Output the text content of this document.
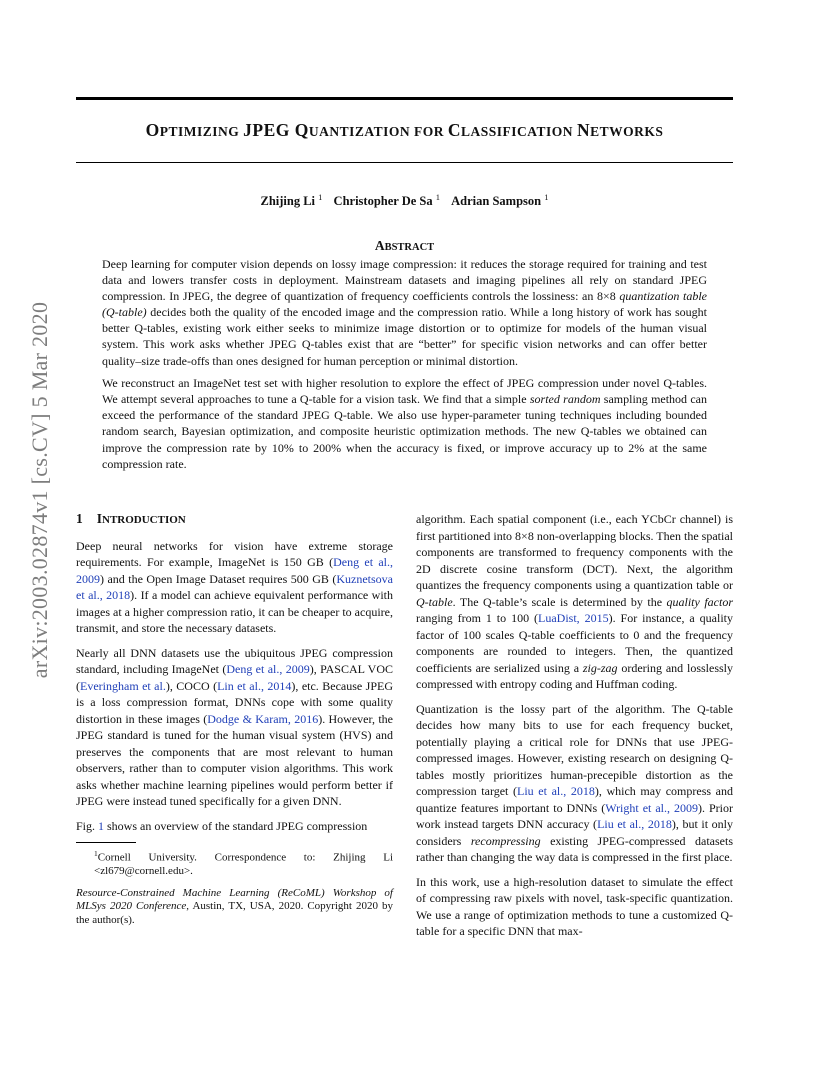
OPTIMIZING JPEG QUANTIZATION FOR CLASSIFICATION NETWORKS
Zhijing Li $^1$ Christopher De Sa $^1$ Adrian Sampson $^1$
ABSTRACT

Deep learning for computer vision depends on lossy image compression: it reduces the storage required for training and test data and lowers transfer costs in deployment. Mainstream datasets and imaging pipelines all rely on standard JPEG compression. In JPEG, the degree of quantization of frequency coefficients controls the lossiness: an 8×8 quantization table (Q-table) decides both the quality of the encoded image and the compression ratio. While a long history of work has sought better Q-tables, existing work either seeks to minimize image distortion or to optimize for models of the human visual system. This work asks whether JPEG Q-tables exist that are “better” for specific vision networks and can offer better quality–size trade-offs than ones designed for human perception or minimal distortion.

We reconstruct an ImageNet test set with higher resolution to explore the effect of JPEG compression under novel Q-tables. We attempt several approaches to tune a Q-table for a vision task. We find that a simple sorted random sampling method can exceed the performance of the standard JPEG Q-table. We also use hyper-parameter tuning techniques including bounded random search, Bayesian optimization, and composite heuristic optimization methods. The new Q-tables we obtained can improve the compression rate by 10% to 200% when the accuracy is fixed, or improve accuracy up to 2% at the same compression rate.

arXiv:2003.02874v1 [cs.CV] 5 Mar 2020 1 INTRODUCTION

Deep neural networks for vision have extreme storage requirements. For example, ImageNet is 150 GB (Deng et al., 2009) and the Open Image Dataset requires 500 GB (Kuznetsova et al., 2018). If a model can achieve equivalent performance with images at a higher compression ratio, it can be cheaper to acquire, transmit, and store the necessary datasets.

Nearly all DNN datasets use the ubiquitous JPEG compression standard, including ImageNet (Deng et al., 2009), PASCAL VOC (Everingham et al.), COCO (Lin et al., 2014), etc. Because JPEG is a loss compression format, DNNs cope with some quality distortion in these images (Dodge & Karam, 2016). However, the JPEG standard is tuned for the human visual system (HVS) and preserves the components that are most relevant to human observers, rather than to computer vision algorithms. This work asks whether machine learning pipelines would perform better if JPEG were instead tuned specifically for a given DNN.

Fig. 1 shows an overview of the standard JPEG compression

$^1$Cornell University. Correspondence to: Zhijing Li <zl679@cornell.edu>.

Resource-Constrained Machine Learning (ReCoML) Workshop of MLSys 2020 Conference, Austin, TX, USA, 2020. Copyright 2020 by the author(s).

algorithm. Each spatial component (i.e., each YCbCr channel) is first partitioned into 8×8 non-overlapping blocks. Then the spatial components are transformed to frequency components with the 2D discrete cosine transform (DCT). Next, the algorithm quantizes the frequency components using a quantization table or Q-table. The Q-table’s scale is determined by the quality factor ranging from 1 to 100 (LuaDist, 2015). For instance, a quality factor of 100 scales Q-table coefficients to 0 and the frequency components are rounded to integers. Then, the quantized coefficients are serialized using a zig-zag ordering and losslessly compressed with entropy coding and Huffman coding.

Quantization is the lossy part of the algorithm. The Q-table decides how many bits to use for each frequency bucket, potentially playing a critical role for DNNs that use JPEG-compressed images. However, existing research on designing Q-tables mostly prioritizes human-precepible distortion as the compression target (Liu et al., 2018), which may compress and quantize features important to DNNs (Wright et al., 2009). Prior work instead targets DNN accuracy (Liu et al., 2018), but it only considers recompressing existing JPEG-compressed datasets rather than changing the way data is compressed in the first place.

In this work, use a high-resolution dataset to simulate the effect of compressing raw pixels with novel, task-specific quantization. We use a range of optimization methods to tune a customized Q-table for a specific DNN that max-
